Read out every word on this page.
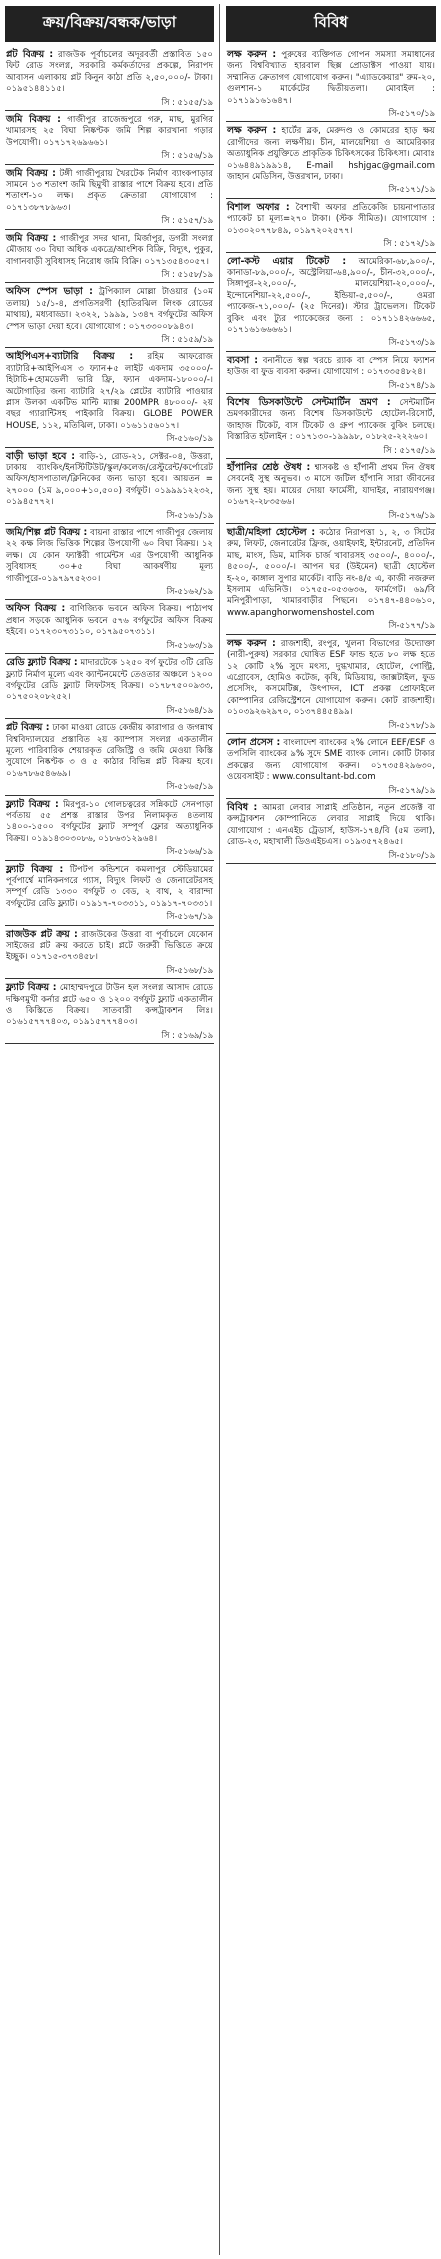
ক্রয়/বিক্রয়/বন্ধক/ভাড়া
প্লট বিক্রয় : রাজউক পূর্বাচলের অদূরবর্তী প্রস্তাবিত ১৫০ ফিট রোড সংলগ্ন, সরকারি কর্মকর্তাদের প্রকল্পে, নিরাপদ আবাসন এলাকায় প্লট কিনুন কাঠা প্রতি ২,৫০,০০০/- টাকা। ০১৯৫১৪৪১১৫।
সি : ৫১৫৫/১৯
জমি বিক্রয় : গাজীপুর রাজেন্দ্রপুরে গরু, মাছ, মুরগির খামারসহ ২৫ বিঘা নিষ্কণ্টক জমি শিল্প কারখানা গড়ার উপযোগী। ০১৭১৭২৬৯৬৬১।
সি : ৫১৫৬/১৯
জমি বিক্রয় : টঙ্গী গাজীপুরায় খৈরটেক নির্মাণ ব্যাংকপাড়ার সামনে ১৩ শতাংশ জমি ছিমুখী রাস্তার পাশে বিক্রয় হবে। প্রতি শতাংশ-১০ লক্ষ। প্রকৃত ক্রেতারা যোগাযোগ : ০১৭১৩৮৭৮৯৬৩।
সি : ৫১৫৭/১৯
জমি বিক্রয় : গাজীপুর সদর থানা, মির্জাপুর, ডগরী সংলগ্ন মৌজায় ৩০ বিঘা অধিক একত্রে/আংশিক বিক্রি, বিদ্যুৎ, পুকুর, বাগানবাড়ী সুবিধাসহ নিরোধ জমি বিক্রি। ০১৭১৩৫৪৩০৫৭।
সি : ৫১৫৮/১৯
অফিস স্পেস ভাড়া : ট্রপিক্যাল মোল্লা টাওয়ার (১০ম তলায়) ১৫/১-৪, প্রগতিসরণী (হাতিরঝিল লিংক রোডের মাথায়), মধ্যবাড্ডা। ২৩২২, ১৯৯৯, ১৩৪৭ বর্গফুটের অফিস স্পেস ভাড়া দেয়া হবে। যোগাযোগ : ০১৭৩৩০০৮৯৪৩।
সি : ৫১৫৯/১৯
আইপিএস+ব্যাটারি বিক্রয় : রহিম আফরোজ ব্যাটারি+আইপিএস ৩ ফ্যান+৫ লাইট একদাম ৩৫০০০/- হিটাচি+হোমডেলী ভারি ফ্রি, ফ্যান একদাম-১৮০০০/-। অটোগাড়ির জন্য ব্যাটারি ২৭/২৯ প্লেটের ব্যাটারি পাওয়ার প্লাস উলকা একটিভ মাল্টি ম্যাক্স 200MPR ৪৮০০০/- ২য় বছর গ্যারান্টিসহ পাইকারি বিক্রয়। GLOBE POWER HOUSE, ১১২, মতিঝিল, ঢাকা। ০১৬১১৫৬০১৭।
সি-৫১৬০/১৯
বাড়ী ভাড়া হবে : বাড়ি-১, রোড-২১, সেক্টর-০৪, উত্তরা, ঢাকায় ব্যাংকিং/ইনস্টিটিউট/স্কুল/কলেজ/রেস্টুরেন্ট/কর্পোরেট অফিস/হাসপাতাল/ক্লিনিকের জন্য ভাড়া হবে। আয়তন = ২৭০০০ (১ম ৯,০০০+১০,৫০০) বর্গফুট। ০১৯৯৯১২২৩২, ০১৯৪৫৭৭২।
সি-৫১৬১/১৯
জমি/শিল্প প্লট বিক্রয় : বায়না রাস্তার পাশে গাজীপুর জেলায় ২২ কক্ষ লিজ ভিত্তিক শিল্পের উপযোগী ৬০ বিঘা বিক্রয়। ১২ লক্ষ। যে কোন ফ্যাক্টরী গার্মেন্টস এর উপযোগী আধুনিক সুবিধাসহ ৩০+৫ বিঘা আকর্ষণীয় মূল্য গাজীপুরে-০১৯৭৯৭৫২৩০।
সি-৫১৬২/১৯
অফিস বিক্রয় : বাণিজ্যিক ভবনে অফিস বিক্রয়। পাঠ্যপথ প্রধান সড়কে আধুনিক ভবনে ৫৭৬ বর্গফুটের অফিস বিক্রয় হইবে। ০১৭২৩০৭৩১১০, ০১৭৯৫০৭৩১১।
সি-৫১৬৩/১৯
রেডি ফ্ল্যাট বিক্রয় : মাদারটেকে ১২৫০ বর্গ ফুটের ৩টি রেডি ফ্ল্যাট নির্মাণ মূল্যে এবং ক্যান্টনমেন্টে তেওতার অঞ্চলে ১২০০ বর্গফুটের রেডি ফ্ল্যাট লিফটসহ বিক্রয়। ০১৭৮৭৫০০৯৩৩, ০১৭৫০২০৮২৫২।
সি-৫১৬৪/১৯
প্লট বিক্রয় : ঢাকা মাওয়া রোডে কেন্দ্রীয় কারাগার ও জগন্নাথ বিশ্ববিদ্যালয়ের প্রস্তাবিত ২য় ক্যাম্পাস সংলগ্ন একতালীন মূল্যে পারিবারিক শেয়ারকৃত রেজিস্ট্রি ও জমি মেওয়া কিস্তি সুযোগে নিষ্কণ্টক ৩ ও ৫ কাঠার বিভিন্ন প্লট বিক্রয় হবে। ০১৬৭৮৬৫৪৬৬৯।
সি-৫১৬৫/১৯
ফ্ল্যাট বিক্রয় : মিরপুর-১০ গোলচত্বরের সন্নিকটে সেনপাড়া পর্বতায় ৫৫ প্রশস্ত রাস্তার উপর নিলামকৃত ৪তলায় ১৪০০-১৫০০ বর্গফুটের ফ্ল্যাট সম্পূর্ণ ফ্লোর অত্যাধুনিক বিক্রয়। ০১৯১৪৩০৩০৮৬, ০১৮৬৩১২৯৬৪।
সি-৫১৬৬/১৯
ফ্ল্যাট বিক্রয় : টিপটপ কন্ডিশনে কমলাপুর স্টেডিয়ামের পূর্বপার্শ্বে মানিকনগরে গ্যাস, বিদ্যুৎ লিফট ও জেনারেটরসহ সম্পূর্ণ রেডি ১৩৩০ বর্গফুট ৩ বেড, ২ বাথ, ২ বারান্দা বর্গফুটের রেডি ফ্ল্যাট। ০১৯১৭-৭০৩৩১১, ০১৯১৭-৭০৩৩১।
সি-৫১৬৭/১৯
রাজউক প্লট ক্রয় : রাজউকের উত্তরা বা পূর্বাচলে যেকোন সাইজের প্লট ক্রয় করতে চাই। প্লটে জরুরী ভিত্তিতে ক্রয়ে ইচ্ছুক। ০১৭১৫-৩৭৩৪৫৮।
সি-৫১৬৮/১৯
ফ্ল্যাট বিক্রয় : মোহাম্মদপুরে টাউন হল সংলগ্ন আসাদ রোডে দক্ষিণমুখী কর্নার প্লটে ৬৫০ ও ১২০০ বর্গফুট ফ্ল্যাট একতালীন ও কিস্তিতে বিক্রয়। সাতবারী কন্সট্রাকশন লিঃ। ০১৬১৫৭৭৭৪০৩, ০১৯১৫৭৭৭৪০৩।
সি : ৫১৬৯/১৯
বিবিধ
লক্ষ করুন : পুরুষের ব্যক্তিগত গোপন সমস্যা সমাধানের জন্য বিশ্ববিখ্যাত হারবাল ছিক্স প্রোডাক্টস পাওয়া যায়। সম্মানিত ক্রেতাগণ যোগাযোগ করুন। "এ্যাডকেয়ার" রুম-২০, গুলশান-১ মার্কেটের দ্বিতীয়তলা। মোবাইল : ০১৭১৯১৬১৬৪৭।
সি-৫১৭০/১৯
লক্ষ করুন : হার্টের ব্লক, মেরুদণ্ড ও কোমরের হাড় ক্ষয় রোগীদের জন্য লক্ষণীয়। চীন, মালয়েশিয়া ও আমেরিকার অত্যাধুনিক প্রযুক্তিতে প্রাকৃতিক চিকিৎসকের চিকিৎসা। মোবাঃ ০১৬৪৪৯১৯৯১৪, E-mail hshjgac@gmail.com জাহান মেডিসিন, উত্তরখান, ঢাকা।
সি-৫১৭১/১৯
বিশাল অফার : বৈশাখী অফার প্রতিকেজি চায়নাপাতার প্যাকেট চা মূল্য=২৭০ টাকা। (স্টক সীমিত)। যোগাযোগ : ০১৩০২০৭৭৮৪৯, ০১৯৭২০২৫৭৭।
সি : ৫১৭২/১৯
লো-কস্ট এয়ার টিকেট : আমেরিকা-৬৮,৯০০/-, কানাডা-৮৯,০০০/-, অস্ট্রেলিয়া-৬৪,৯০০/-, চীন-৩২,০০০/-, সিঙ্গাপুর-২২,০০০/-, মালয়েশিয়া-২০,০০০/-, ইন্দোনেশিয়া-২২,৫০০/-, ইন্ডিয়া-৫,৫০০/-, ওমরা প্যাকেজ-৭১,০০০/- (২৫ দিনের)। স্টার ট্রাভেলস। টিকেট বুকিং এবং ট্যুর প্যাকেজের জন্য : ০১৭১১৪২৬৬৬৫, ০১৭১৬১৬৬৬৬১।
সি-৫১৭৩/১৯
ব্যবসা : বনানীতে স্বল্প খরচে র‍্যাক বা স্পেস নিয়ে ফ্যাশন হাউজ বা ফুড ব্যবসা করুন। যোগাযোগ : ০১৭৩৩৫৪৮২৪।
সি-৫১৭৪/১৯
বিশেষ ডিসকাউন্টে সেন্টমার্টিন ভ্রমণ : সেন্টমার্টিন ভ্রমণকারীদের জন্য বিশেষ ডিসকাউন্টে হোটেল-রিসোর্ট, জাহাজ টিকেট, বাস টিকেট ও গ্রুপ প্যাকেজ বুকিং চলছে। বিস্তারিত হটলাইন : ০১৭১৩০-১৯৯৯৮, ০১৮২৫-২২২৬০।
সি : ৫১৭৫/১৯
হাঁপানির শ্রেষ্ঠ ঔষধ : শ্বাসকষ্ট ও হাঁপানী প্রথম দিন ঔষধ সেবনেই সুস্থ অনুভব। ৩ মাসে জটিল হাঁপানি সারা জীবনের জন্য সুস্থ হয়। মায়ের দোয়া ফার্মেসী, যাদাইর, নারায়ণগঞ্জ। ০১৬৭২-২৮৩৫৬৬।
সি-৫১৭৬/১৯
ছাত্রী/মহিলা হোস্টেল : কঠোর নিরাপত্তা ১, ২, ৩ সিটের রুম, লিফট, জেনারেটর ফ্রিজ, ওয়াইফাই, ইন্টারনেট, প্রতিদিন মাছ, মাংস, ডিম, মাসিক চার্জ খাবারসহ ৩৫০০/-, ৪০০০/-, ৪৫০০/-, ৫০০০/-। আপন ঘর (উইমেন) ছাত্রী হোস্টেল হ-২০, কাঙ্গাল সুপার মার্কেট। বাড়ি নং-৪/৫ এ, কাজী নজরুল ইসলাম এভিনিউ। ০১৭৫৫-০৫৩৬৩৬, ফার্মগেট। ৬৯/বি মনিপুরীপাড়া, খামারবাড়ীর পিছনে। ০১৭৪৭-৪৪০৬১০, www.apanghorwomenshostel.com
সি-৫১৭৭/১৯
লক্ষ করুন : রাজশাহী, রংপুর, খুলনা বিভাগের উদ্যোক্তা (নারী-পুরুষ) সরকার ঘোষিত ESF ফান্ড হতে ৮০ লক্ষ হতে ১২ কোটি ২% সুদে মৎস্য, দুগ্ধখামার, হোটেল, পোল্ট্রি, এগ্রোবেস, হোমিও কটেজ, কৃষি, মিডিয়ায়, জাক্সটাইল, ফুড প্রসেসিং, কসমেটিক্স, উৎপাদন, ICT প্রকল্প প্রোফাইলে কোম্পানির রেজিস্ট্রেশনে যোগাযোগ করুন। কোট রাজশাহী। ০১০৩৯২৬২৯৭০, ০১৩৭৪৪৫৪৯৯।
সি-৫১৭৮/১৯
লোন প্রসেস : বাংলাদেশ ব্যাংকের ২% লোনে EEF/ESF ও তপসিলি ব্যাংকের ৯% সুদে SME ব্যাংক লোন। কোটি টাকার প্রকল্পের জন্য যোগাযোগ করুন। ০১৭৩৫৪২৯৬৩০, ওয়েবসাইট : www.consultant-bd.com
সি-৫১৭৯/১৯
বিবিধ : আমরা লেবার সাপ্লাই প্রতিষ্ঠান, নতুন প্রজেক্ট বা কন্সট্রাকশন কোম্পানিতে লেবার সাপ্লাই দিয়ে থাকি। যোগাযোগ : এনএইচ ট্রেডার্স, হাউস-১৭৪/বি (৫ম তলা), রোড-২৩, মহাখালী ডিওএইচএস। ০১৯৩৫৭২৪৬৫।
সি-৫১৮০/১৯
